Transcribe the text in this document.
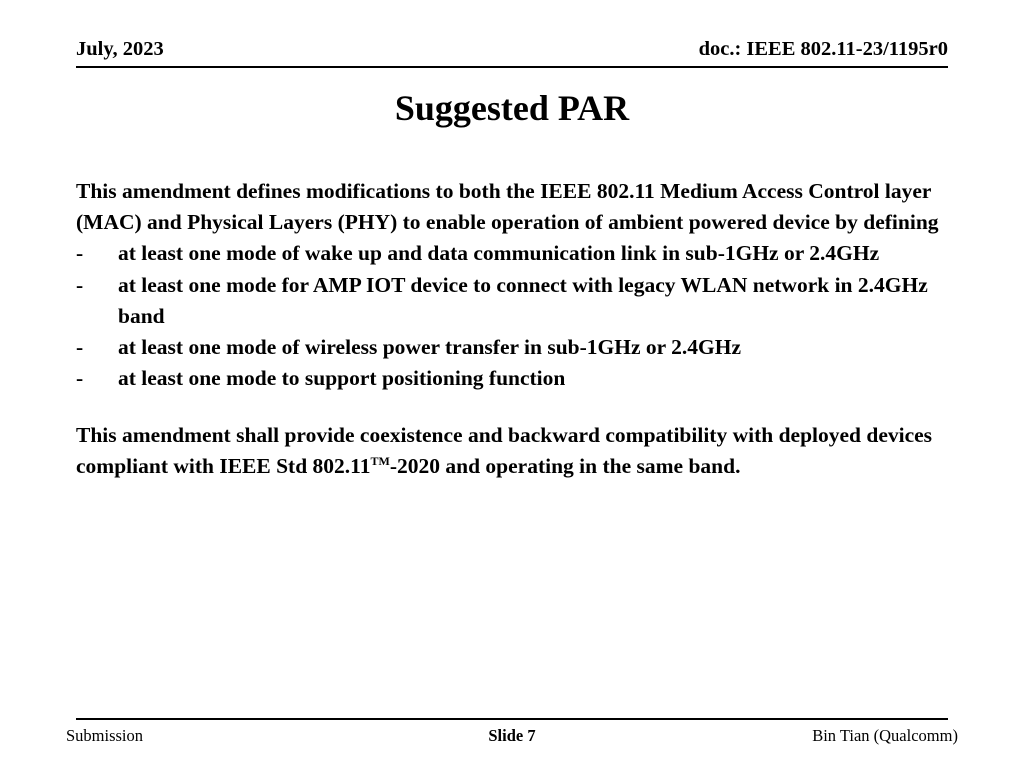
July, 2023	doc.: IEEE 802.11-23/1195r0
Suggested PAR

This amendment defines modifications to both the IEEE 802.11 Medium Access Control layer (MAC) and Physical Layers (PHY) to enable operation of ambient powered device by defining

- at least one mode of wake up and data communication link in sub-1GHz or 2.4GHz
- at least one mode for AMP IOT device to connect with legacy WLAN network in 2.4GHz band
- at least one mode of wireless power transfer in sub-1GHz or 2.4GHz
- at least one mode to support positioning function

This amendment shall provide coexistence and backward compatibility with deployed devices compliant with IEEE Std 802.11™-2020 and operating in the same band.

Submission	Slide 7	Bin Tian (Qualcomm)
